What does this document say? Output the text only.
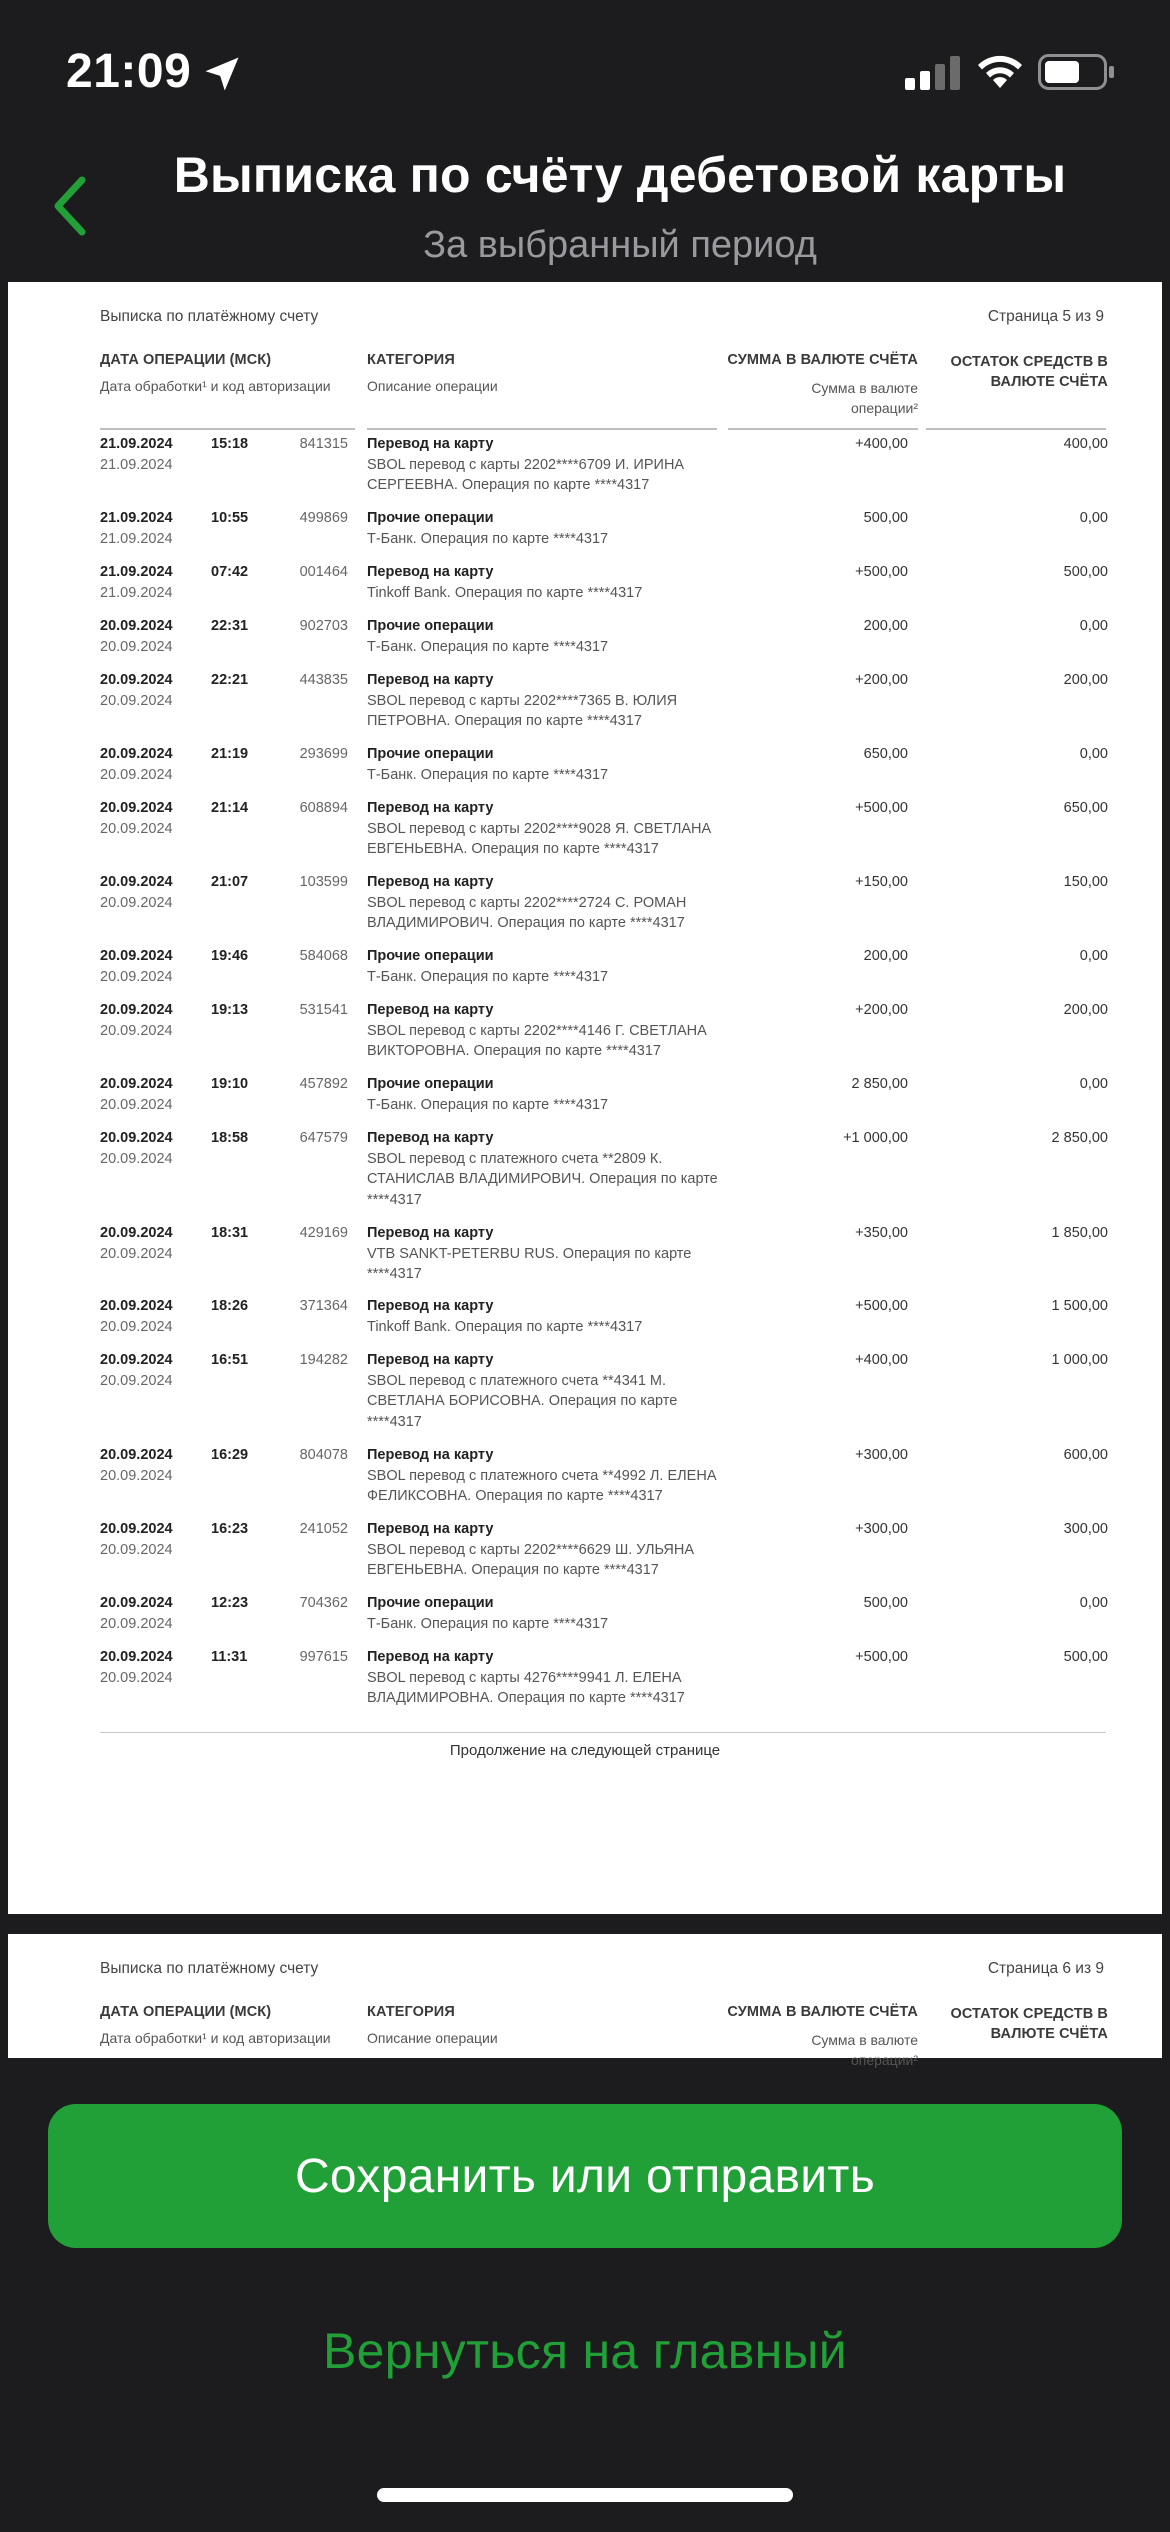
21:09
Выписка по счёту дебетовой карты
За выбранный период
Выписка по платёжному счету	Страница 5 из 9
ДАТА ОПЕРАЦИИ (МСК)
Дата обработки¹ и код авторизации
КАТЕГОРИЯ
Описание операции
СУММА В ВАЛЮТЕ СЧЁТА
Сумма в валюте операции²
ОСТАТОК СРЕДСТВ В ВАЛЮТЕ СЧЁТА
21.09.2024
21.09.2024
15:18	841315 Перевод на карту
SBOL перевод с карты 2202****6709 И. ИРИНА СЕРГЕЕВНА. Операция по карте ****4317
+400,00	400,00
21.09.2024
21.09.2024
10:55	499869 Прочие операции
Т-Банк. Операция по карте ****4317
500,00	0,00
21.09.2024
21.09.2024
07:42	001464 Перевод на карту
Tinkoff Bank. Операция по карте ****4317
+500,00	500,00
20.09.2024
20.09.2024
22:31	902703 Прочие операции
Т-Банк. Операция по карте ****4317
200,00	0,00
20.09.2024
20.09.2024
22:21	443835 Перевод на карту
SBOL перевод с карты 2202****7365 В. ЮЛИЯ ПЕТРОВНА. Операция по карте ****4317
+200,00	200,00
20.09.2024
20.09.2024
21:19	293699 Прочие операции
Т-Банк. Операция по карте ****4317
650,00	0,00
20.09.2024
20.09.2024
21:14	608894 Перевод на карту
SBOL перевод с карты 2202****9028 Я. СВЕТЛАНА ЕВГЕНЬЕВНА. Операция по карте ****4317
+500,00	650,00
20.09.2024
20.09.2024
21:07	103599 Перевод на карту
SBOL перевод с карты 2202****2724 С. РОМАН ВЛАДИМИРОВИЧ. Операция по карте ****4317
+150,00	150,00
20.09.2024
20.09.2024
19:46	584068 Прочие операции
Т-Банк. Операция по карте ****4317
200,00	0,00
20.09.2024
20.09.2024
19:13	531541 Перевод на карту
SBOL перевод с карты 2202****4146 Г. СВЕТЛАНА ВИКТОРОВНА. Операция по карте ****4317
+200,00	200,00
20.09.2024
20.09.2024
19:10	457892 Прочие операции
Т-Банк. Операция по карте ****4317
2 850,00	0,00
20.09.2024
20.09.2024
18:58	647579 Перевод на карту
SBOL перевод с платежного счета **2809 К. СТАНИСЛАВ ВЛАДИМИРОВИЧ. Операция по карте ****4317
+1 000,00	2 850,00
20.09.2024
20.09.2024
18:31	429169 Перевод на карту
VTB SANKT-PETERBU RUS. Операция по карте ****4317
+350,00	1 850,00
20.09.2024
20.09.2024
18:26	371364 Перевод на карту
Tinkoff Bank. Операция по карте ****4317
+500,00	1 500,00
20.09.2024
20.09.2024
16:51	194282 Перевод на карту
SBOL перевод с платежного счета **4341 М. СВЕТЛАНА БОРИСОВНА. Операция по карте ****4317
+400,00	1 000,00
20.09.2024
20.09.2024
16:29	804078 Перевод на карту
SBOL перевод с платежного счета **4992 Л. ЕЛЕНА ФЕЛИКСОВНА. Операция по карте ****4317
+300,00	600,00
20.09.2024
20.09.2024
16:23	241052 Перевод на карту
SBOL перевод с карты 2202****6629 Ш. УЛЬЯНА ЕВГЕНЬЕВНА. Операция по карте ****4317
+300,00	300,00
20.09.2024
20.09.2024
12:23	704362 Прочие операции
Т-Банк. Операция по карте ****4317
500,00	0,00
20.09.2024
20.09.2024
11:31	997615 Перевод на карту
SBOL перевод с карты 4276****9941 Л. ЕЛЕНА ВЛАДИМИРОВНА. Операция по карте ****4317
+500,00	500,00
Продолжение на следующей странице
Выписка по платёжному счету	Страница 6 из 9
ДАТА ОПЕРАЦИИ (МСК)
Дата обработки¹ и код авторизации
КАТЕГОРИЯ
Описание операции
СУММА В ВАЛЮТЕ СЧЁТА
Сумма в валюте операции²
ОСТАТОК СРЕДСТВ В ВАЛЮТЕ СЧЁТА
Сохранить или отправить
Вернуться на главный
